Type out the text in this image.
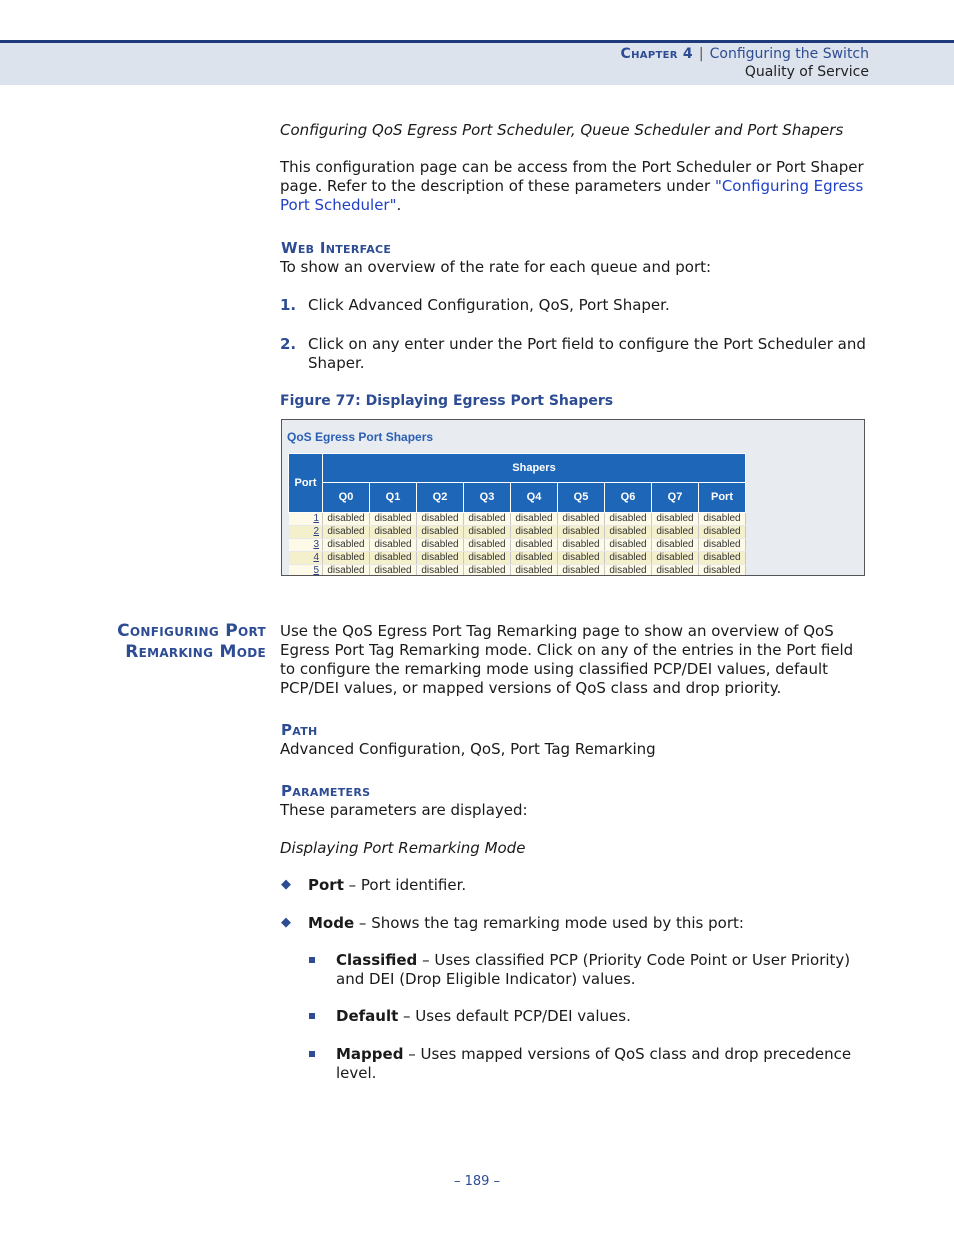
Chapter 4 | Configuring the Switch
Quality of Service
Configuring QoS Egress Port Scheduler, Queue Scheduler and Port Shapers
This configuration page can be access from the Port Scheduler or Port Shaper page. Refer to the description of these parameters under "Configuring Egress Port Scheduler".
Web Interface
To show an overview of the rate for each queue and port:
1. Click Advanced Configuration, QoS, Port Shaper.
2. Click on any enter under the Port field to configure the Port Scheduler and Shaper.
Figure 77: Displaying Egress Port Shapers
QoS Egress Port Shapers
Port	Shapers								
	Q0	Q1	Q2	Q3	Q4	Q5	Q6	Q7	Port
1	disabled	disabled	disabled	disabled	disabled	disabled	disabled	disabled	disabled
2	disabled	disabled	disabled	disabled	disabled	disabled	disabled	disabled	disabled
3	disabled	disabled	disabled	disabled	disabled	disabled	disabled	disabled	disabled
4	disabled	disabled	disabled	disabled	disabled	disabled	disabled	disabled	disabled
5	disabled	disabled	disabled	disabled	disabled	disabled	disabled	disabled	disabled
Configuring Port
Remarking Mode
Use the QoS Egress Port Tag Remarking page to show an overview of QoS Egress Port Tag Remarking mode. Click on any of the entries in the Port field to configure the remarking mode using classified PCP/DEI values, default PCP/DEI values, or mapped versions of QoS class and drop priority.
Path
Advanced Configuration, QoS, Port Tag Remarking
Parameters
These parameters are displayed:
Displaying Port Remarking Mode
◆ Port – Port identifier.
◆ Mode – Shows the tag remarking mode used by this port:
Classified – Uses classified PCP (Priority Code Point or User Priority) and DEI (Drop Eligible Indicator) values.
Default – Uses default PCP/DEI values.
Mapped – Uses mapped versions of QoS class and drop precedence level.
– 189 –
